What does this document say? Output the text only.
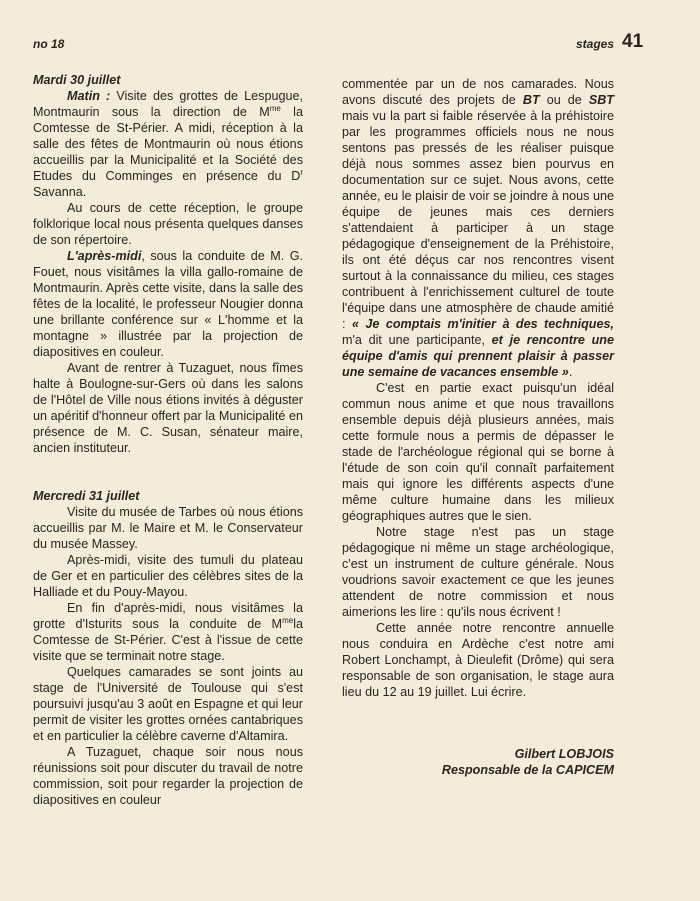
no 18	stages 41

Mardi 30 juillet

Matin : Visite des grottes de Lespugue, Montmaurin sous la direction de $M^{me}$ la Comtesse de St-Périer. A midi, réception à la salle des fêtes de Montmaurin où nous étions accueillis par la Municipalité et la Société des Etudes du Comminges en présence du $D^r$ Savanna.

Au cours de cette réception, le groupe folklorique local nous présenta quelques danses de son répertoire.

L'après-midi, sous la conduite de M. G. Fouet, nous visitâmes la villa gallo-romaine de Montmaurin. Après cette visite, dans la salle des fêtes de la localité, le professeur Nougier donna une brillante conférence sur « L'homme et la montagne » illustrée par la projection de diapositives en couleur.

Avant de rentrer à Tuzaguet, nous fîmes halte à Boulogne-sur-Gers où dans les salons de l'Hôtel de Ville nous étions invités à déguster un apéritif d'honneur offert par la Municipalité en présence de M. C. Susan, sénateur maire, ancien instituteur.

Mercredi 31 juillet

Visite du musée de Tarbes où nous étions accueillis par M. le Maire et M. le Conservateur du musée Massey.

Après-midi, visite des tumuli du plateau de Ger et en particulier des célèbres sites de la Halliade et du Pouy-Mayou.

En fin d'après-midi, nous visitâmes la grotte d'Isturits sous la conduite de $M^{me}la$ Comtesse de St-Périer. C'est à l'issue de cette visite que se terminait notre stage.

Quelques camarades se sont joints au stage de l'Université de Toulouse qui s'est poursuivi jusqu'au 3 août en Espagne et qui leur permit de visiter les grottes ornées cantabriques et en particulier la célèbre caverne d'Altamira.

A Tuzaguet, chaque soir nous nous réunissions soit pour discuter du travail de notre commission, soit pour regarder la projection de diapositives en couleur

commentée par un de nos camarades. Nous avons discuté des projets de BT ou de SBT mais vu la part si faible réservée à la préhistoire par les programmes officiels nous ne nous sentons pas pressés de les réaliser puisque déjà nous sommes assez bien pourvus en documentation sur ce sujet. Nous avons, cette année, eu le plaisir de voir se joindre à nous une équipe de jeunes mais ces derniers s'attendaient à participer à un stage pédagogique d'enseignement de la Préhistoire, ils ont été déçus car nos rencontres visent surtout à la connaissance du milieu, ces stages contribuent à l'enrichissement culturel de toute l'équipe dans une atmosphère de chaude amitié : « Je comptais m'initier à des techniques, m'a dit une participante, et je rencontre une équipe d'amis qui prennent plaisir à passer une semaine de vacances ensemble ».

C'est en partie exact puisqu'un idéal commun nous anime et que nous travaillons ensemble depuis déjà plusieurs années, mais cette formule nous a permis de dépasser le stade de l'archéologue régional qui se borne à l'étude de son coin qu'il connaît parfaitement mais qui ignore les différents aspects d'une même culture humaine dans les milieux géographiques autres que le sien.

Notre stage n'est pas un stage pédagogique ni même un stage archéologique, c'est un instrument de culture générale. Nous voudrions savoir exactement ce que les jeunes attendent de notre commission et nous aimerions les lire : qu'ils nous écrivent !

Cette année notre rencontre annuelle nous conduira en Ardèche c'est notre ami Robert Lonchampt, à Dieulefit (Drôme) qui sera responsable de son organisation, le stage aura lieu du 12 au 19 juillet. Lui écrire.

Gilbert LOBJOIS

Responsable de la CAPICEM
